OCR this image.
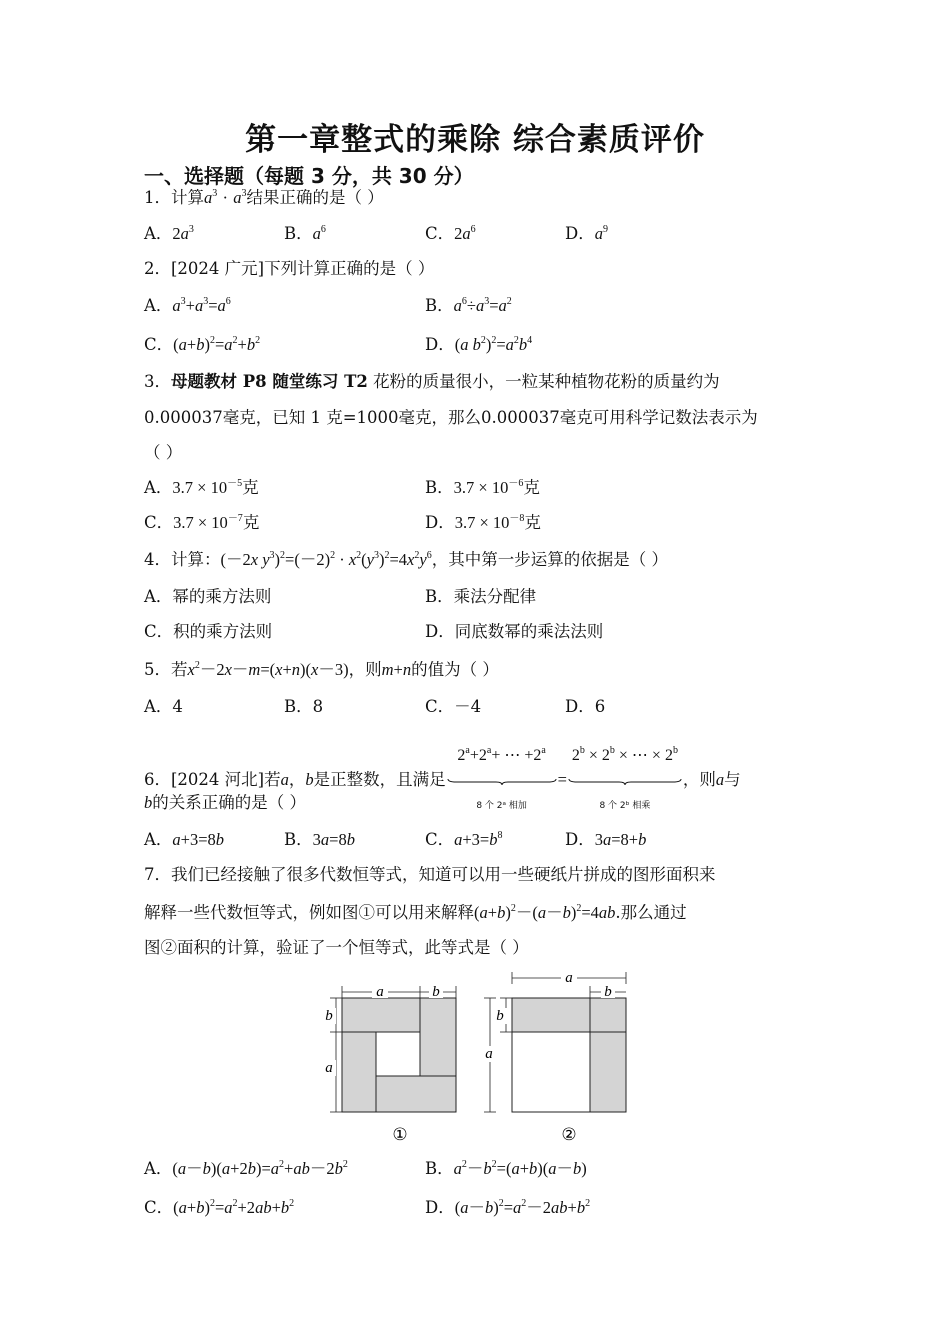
第一章整式的乘除 综合素质评价
一、选择题（每题 3 分，共 30 分）
1．计算$a^3 \cdot a^3$结果正确的是（ ）
A．$2a^3$	B．$a^6$	C．$2a^6$	D．$a^9$
2．[2024 广元]下列计算正确的是（ ）
A．$a^3+a^3=a^6$	B．$a^6\div a^3=a^2$
C．$(a+b)^2=a^2+b^2$	D．(a $b^2)^2=a^2b^4$
3．母题教材 P8 随堂练习 T2 花粉的质量很小，一粒某种植物花粉的质量约为
0.000037毫克，已知 1 克=1000毫克，那么0.000037毫克可用科学记数法表示为
（ ）
A．$3.7 \times 10^{-5}$克	B．$3.7 \times 10^{-6}$克
C．$3.7 \times 10^{-7}$克	D．$3.7 \times 10^{-8}$克
4．计算：(－2x $y^3)^2=(-2)^2 \cdot x^2(y^3)^2=4x^2y^6$，其中第一步运算的依据是（ ）
A．幂的乘方法则	B．乘法分配律
C．积的乘方法则	D．同底数幂的乘法法则
5．若$x^2-2x-m=(x+n)(x-3)$，则m+n的值为（ ）
A．4	B．8	C．－4	D．6
6．[2024 河北]若a，b是正整数，且满足$2^a+2^a+$ ⋯ $+2^a$
8 个 2ᵃ 相加
$=2^b \times 2^b$ × ⋯ × $2^b$
8 个 2ᵇ 相乘
，则a与
b的关系正确的是（ ）
A．a+3=8b	B．3a=8b	C．$a+3=b^8$	D．3a=8+b
7．我们已经接触了很多代数恒等式，知道可以用一些硬纸片拼成的图形面积来
解释一些代数恒等式，例如图①可以用来解释$(a+b)^2-(a-b)^2=4ab$.那么通过
图②面积的计算，验证了一个恒等式，此等式是（ ）
a	b
b
a
①
a
b
b
a
②
A．$(a-b)(a+2b)=a^2+ab-2b^2$	B．$a^2-b^2=(a+b)(a-b)$
C．$(a+b)^2=a^2+2ab+b^2$	D．$(a-b)^2=a^2-2ab+b^2$
